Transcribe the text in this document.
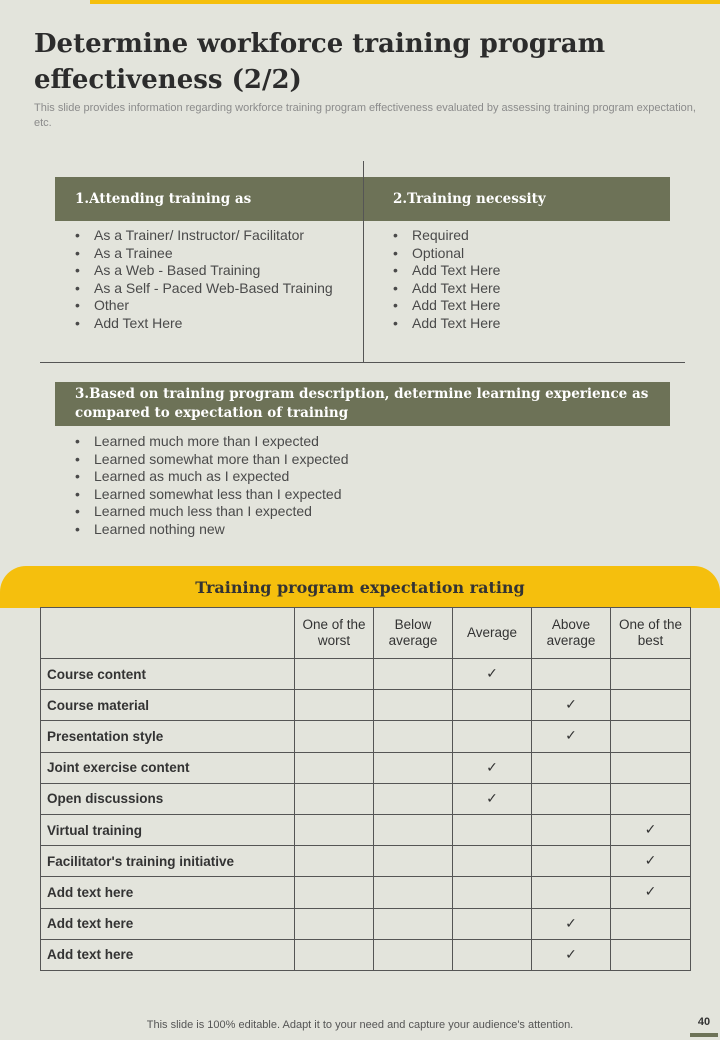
Determine workforce training program effectiveness (2/2)

This slide provides information regarding workforce training program effectiveness evaluated by assessing training program expectation, etc.

1.Attending training as	2.Training necessity
• As a Trainer/ Instructor/ Facilitator
• As a Trainee
• As a Web - Based Training
• As a Self - Paced Web-Based Training
• Other
• Add Text Here
• Required
• Optional
• Add Text Here
• Add Text Here
• Add Text Here
• Add Text Here
3.Based on training program description, determine learning experience as compared to expectation of training
• Learned much more than I expected
• Learned somewhat more than I expected
• Learned as much as I expected
• Learned somewhat less than I expected
• Learned much less than I expected
• Learned nothing new
Training program expectation rating
	One of the worst	Below average	Average	Above average	One of the best
Course content			✓		
Course material				✓	
Presentation style				✓	
Joint exercise content			✓		
Open discussions			✓		
Virtual training					✓
Facilitator's training initiative					✓
Add text here					✓
Add text here				✓	
Add text here				✓	
This slide is 100% editable. Adapt it to your need and capture your audience's attention.	40
